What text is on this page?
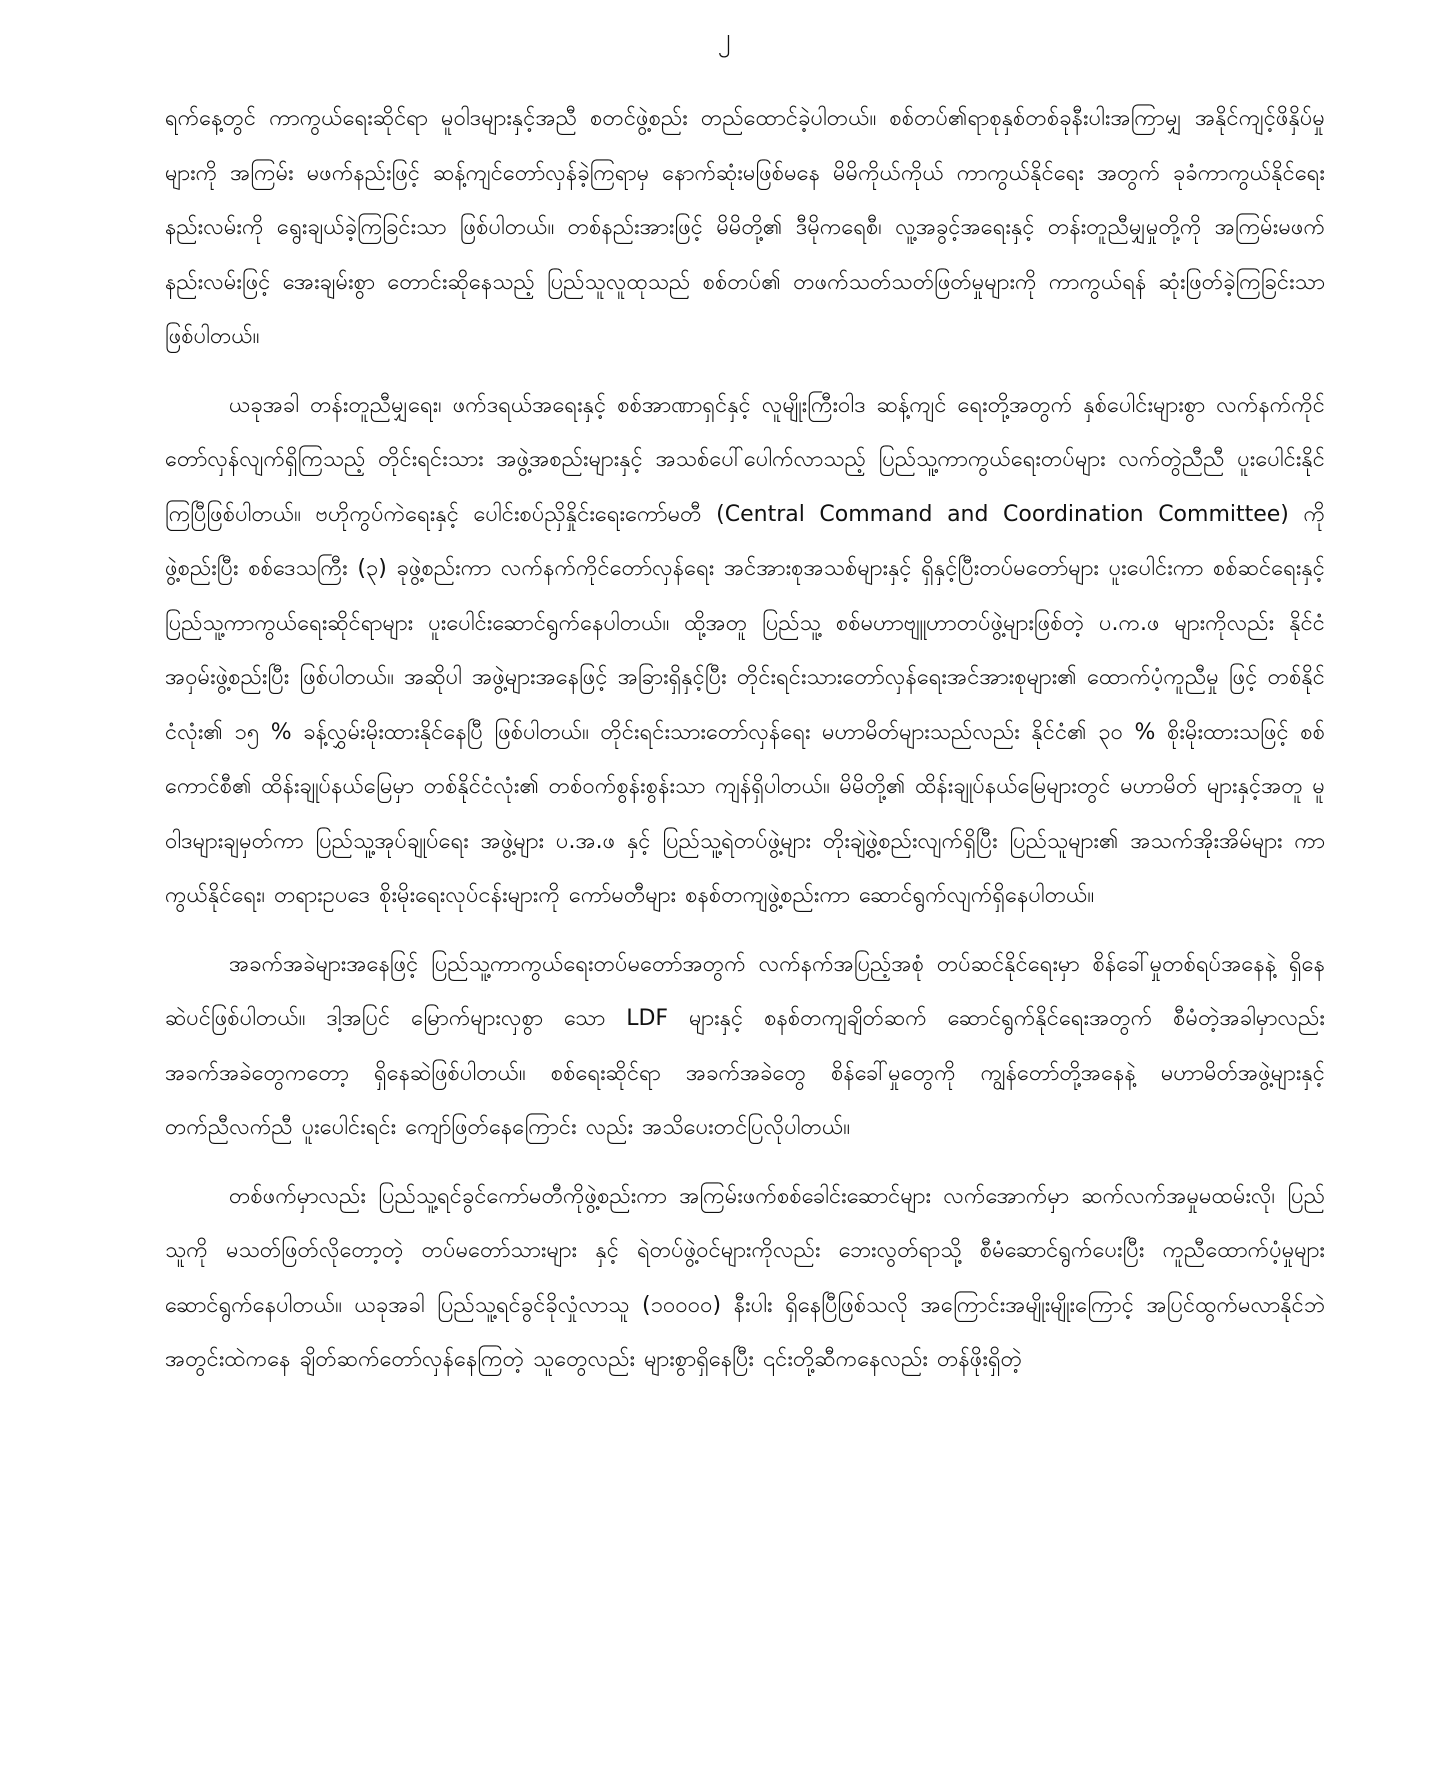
၂

ရက်နေ့တွင် ကာကွယ်ရေးဆိုင်ရာ မူဝါဒများနှင့်အညီ စတင်ဖွဲ့စည်း တည်ထောင်ခဲ့ပါတယ်။ စစ်တပ်၏ရာစုနှစ်တစ်ခုနီးပါးအကြာမျှ အနိုင်ကျင့်ဖိနှိပ်မှုများကို အကြမ်း မဖက်နည်းဖြင့် ဆန့်ကျင်တော်လှန်ခဲ့ကြရာမှ နောက်ဆုံးမဖြစ်မနေ မိမိကိုယ်ကိုယ် ကာကွယ်နိုင်ရေး အတွက် ခုခံကာကွယ်နိုင်ရေးနည်းလမ်းကို ရွေးချယ်ခဲ့ကြခြင်းသာ ဖြစ်ပါတယ်။ တစ်နည်းအားဖြင့် မိမိတို့၏ ဒီမိုကရေစီ၊ လူ့အခွင့်အရေးနှင့် တန်းတူညီမျှမှုတို့ကို အကြမ်းမဖက် နည်းလမ်းဖြင့် အေးချမ်းစွာ တောင်းဆိုနေသည့် ပြည်သူလူထုသည် စစ်တပ်၏ တဖက်သတ်သတ်ဖြတ်မှုများကို ကာကွယ်ရန် ဆုံးဖြတ်ခဲ့ကြခြင်းသာဖြစ်ပါတယ်။

ယခုအခါ တန်းတူညီမျှရေး၊ ဖက်ဒရယ်အရေးနှင့် စစ်အာဏာရှင်နှင့် လူမျိုးကြီးဝါဒ ဆန့်ကျင် ရေးတို့အတွက် နှစ်ပေါင်းများစွာ လက်နက်ကိုင် တော်လှန်လျက်ရှိကြသည့် တိုင်းရင်းသား အဖွဲ့အစည်းများနှင့် အသစ်ပေါ်ပေါက်လာသည့် ပြည်သူ့ကာကွယ်ရေးတပ်များ လက်တွဲညီညီ ပူးပေါင်းနိုင်ကြပြီဖြစ်ပါတယ်။ ဗဟိုကွပ်ကဲရေးနှင့် ပေါင်းစပ်ညှိနှိုင်းရေးကော်မတီ (Central Command and Coordination Committee) ကို ဖွဲ့စည်းပြီး စစ်ဒေသကြီး (၃) ခုဖွဲ့စည်းကာ လက်နက်ကိုင်တော်လှန်ရေး အင်အားစုအသစ်များနှင့် ရှိနှင့်ပြီးတပ်မတော်များ ပူးပေါင်းကာ စစ်ဆင်ရေးနှင့် ပြည်သူ့ကာကွယ်ရေးဆိုင်ရာများ ပူးပေါင်းဆောင်ရွက်နေပါတယ်။ ထို့အတူ ပြည်သူ့ စစ်မဟာဗျူဟာတပ်ဖွဲ့များဖြစ်တဲ့ ပ.က.ဖ များကိုလည်း နိုင်ငံအဝှမ်းဖွဲ့စည်းပြီး ဖြစ်ပါတယ်။ အဆိုပါ အဖွဲ့များအနေဖြင့် အခြားရှိနှင့်ပြီး တိုင်းရင်းသားတော်လှန်ရေးအင်အားစုများ၏ ထောက်ပံ့ကူညီမှု ဖြင့် တစ်နိုင်ငံလုံး၏ ၁၅ % ခန့်လွှမ်းမိုးထားနိုင်နေပြီ ဖြစ်ပါတယ်။ တိုင်းရင်းသားတော်လှန်ရေး မဟာမိတ်များသည်လည်း နိုင်ငံ၏ ၃၀ % စိုးမိုးထားသဖြင့် စစ်ကောင်စီ၏ ထိန်းချုပ်နယ်မြေမှာ တစ်နိုင်ငံလုံး၏ တစ်ဝက်စွန်းစွန်းသာ ကျန်ရှိပါတယ်။ မိမိတို့၏ ထိန်းချုပ်နယ်မြေများတွင် မဟာမိတ် များနှင့်အတူ မူဝါဒများချမှတ်ကာ ပြည်သူ့အုပ်ချုပ်ရေး အဖွဲ့များ ပ.အ.ဖ နှင့် ပြည်သူ့ရဲတပ်ဖွဲ့များ တိုးချဲ့ဖွဲ့စည်းလျက်ရှိပြီး ပြည်သူများ၏ အသက်အိုးအိမ်များ ကာကွယ်နိုင်ရေး၊ တရားဥပဒေ စိုးမိုးရေးလုပ်ငန်းများကို ကော်မတီများ စနစ်တကျဖွဲ့စည်းကာ ဆောင်ရွက်လျက်ရှိနေပါတယ်။

အခက်အခဲများအနေဖြင့် ပြည်သူ့ကာကွယ်ရေးတပ်မတော်အတွက် လက်နက်အပြည့်အစုံ တပ်ဆင်နိုင်ရေးမှာ စိန်ခေါ်မှုတစ်ရပ်အနေနဲ့ ရှိနေဆဲပင်ဖြစ်ပါတယ်။ ဒါ့အပြင် မြောက်များလှစွာ သော LDF များနှင့် စနစ်တကျချိတ်ဆက် ဆောင်ရွက်နိုင်ရေးအတွက် စီမံတဲ့အခါမှာလည်း အခက်အခဲတွေကတော့ ရှိနေဆဲဖြစ်ပါတယ်။ စစ်ရေးဆိုင်ရာ အခက်အခဲတွေ စိန်ခေါ်မှုတွေကို ကျွန်တော်တို့အနေနဲ့ မဟာမိတ်အဖွဲ့များနှင့် တက်ညီလက်ညီ ပူးပေါင်းရင်း ကျော်ဖြတ်နေကြောင်း လည်း အသိပေးတင်ပြလိုပါတယ်။

တစ်ဖက်မှာလည်း ပြည်သူ့ရင်ခွင်ကော်မတီကိုဖွဲ့စည်းကာ အကြမ်းဖက်စစ်ခေါင်းဆောင်များ လက်အောက်မှာ ဆက်လက်အမှုမထမ်းလို၊ ပြည်သူကို မသတ်ဖြတ်လိုတော့တဲ့ တပ်မတော်သားများ နှင့် ရဲတပ်ဖွဲ့ဝင်များကိုလည်း ဘေးလွတ်ရာသို့ စီမံဆောင်ရွက်ပေးပြီး ကူညီထောက်ပံ့မှုများ ဆောင်ရွက်နေပါတယ်။ ယခုအခါ ပြည်သူ့ရင်ခွင်ခိုလှုံလာသူ (၁၀၀၀၀) နီးပါး ရှိနေပြီဖြစ်သလို အကြောင်းအမျိုးမျိုးကြောင့် အပြင်ထွက်မလာနိုင်ဘဲ အတွင်းထဲကနေ ချိတ်ဆက်တော်လှန်နေကြတဲ့ သူတွေလည်း များစွာရှိနေပြီး ၎င်းတို့ဆီကနေလည်း တန်ဖိုးရှိတဲ့
